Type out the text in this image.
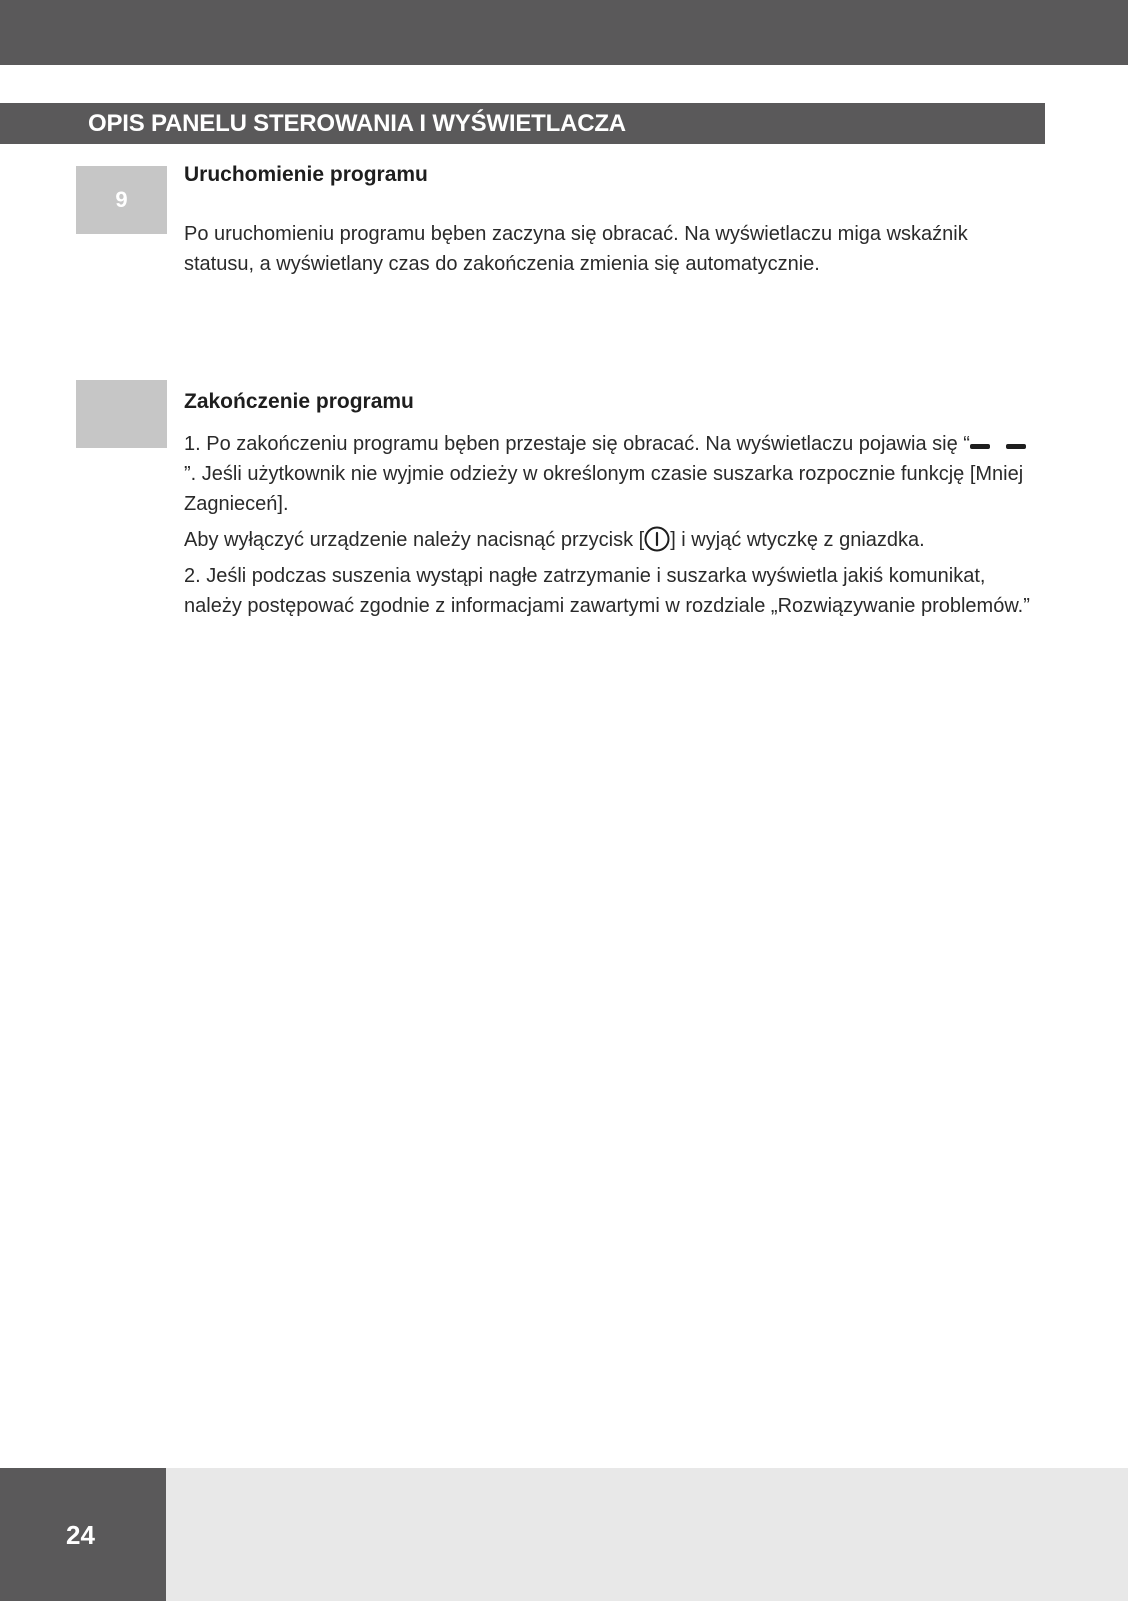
OPIS PANELU STEROWANIA I WYŚWIETLACZA
9
Uruchomienie programu

Po uruchomieniu programu bęben zaczyna się obracać. Na wyświetlaczu miga wskaźnik statusu, a wyświetlany czas do zakończenia zmienia się automatycznie.

Zakończenie programu

1. Po zakończeniu programu bęben przestaje się obracać. Na wyświetlaczu pojawia się “
”. Jeśli użytkownik nie wyjmie odzieży w określonym czasie suszarka rozpocznie funkcję [Mniej Zagnieceń].

Aby wyłączyć urządzenie należy nacisnąć przycisk [ ] i wyjąć wtyczkę z gniazdka.

2. Jeśli podczas suszenia wystąpi nagłe zatrzymanie i suszarka wyświetla jakiś komunikat, należy postępować zgodnie z informacjami zawartymi w rozdziale „Rozwiązywanie problemów.”

24
